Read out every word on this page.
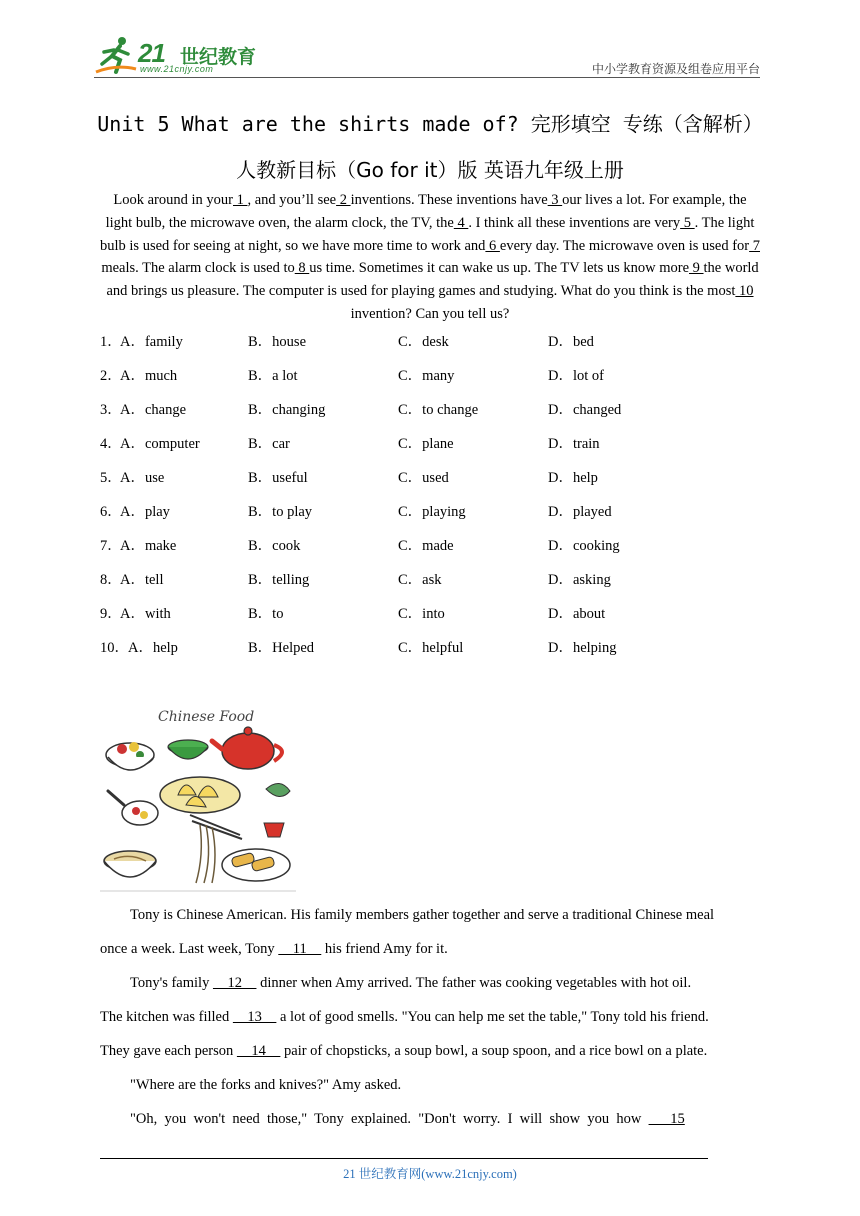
21 世纪教育
www.21cnjy.com	中小学教育资源及组卷应用平台
Unit 5 What are the shirts made of? 完形填空 专练（含解析）
人教新目标（Go for it）版 英语九年级上册
Look around in your 1 , and you’ll see 2 inventions. These inventions have 3 our lives a lot. For example, the light bulb, the microwave oven, the alarm clock, the TV, the 4 . I think all these inventions are very 5 . The light bulb is used for seeing at night, so we have more time to work and 6 every day. The microwave oven is used for 7 meals. The alarm clock is used to 8 us time. Sometimes it can wake us up. The TV lets us know more 9 the world and brings us pleasure. The computer is used for playing games and studying. What do you think is the most 10 invention? Can you tell us?
1．
A．family	B．house	C．desk	D．bed
2．
A．much	B．a lot	C．many	D．lot of
3．
A．change	B．changing	C．to change	D．changed
4．
A．computer	B．car	C．plane	D．train
5．
A．use	B．useful	C．used	D．help
6．
A．play	B．to play	C．playing	D．played
7．
A．make	B．cook	C．made	D．cooking
8．
A．tell	B．telling	C．ask	D．asking
9．
A．with	B．to	C．into	D．about
10． A．help	B．Helped	C．helpful	D．helping
Chinese Food
Tony is Chinese American. His family members gather together and serve a traditional Chinese meal
once a week. Last week, Tony     11     his friend Amy for it.
Tony's family     12     dinner when Amy arrived. The father was cooking vegetables with hot oil.
The kitchen was filled     13     a lot of good smells. "You can help me set the table," Tony told his friend.
They gave each person     14     pair of chopsticks, a soup bowl, a soup spoon, and a rice bowl on a plate.
"Where are the forks and knives?" Amy asked.
"Oh,  you  won't  need  those,"  Tony  explained.  "Don't  worry.  I  will  show  you  how        15
21 世纪教育网(www.21cnjy.com)
